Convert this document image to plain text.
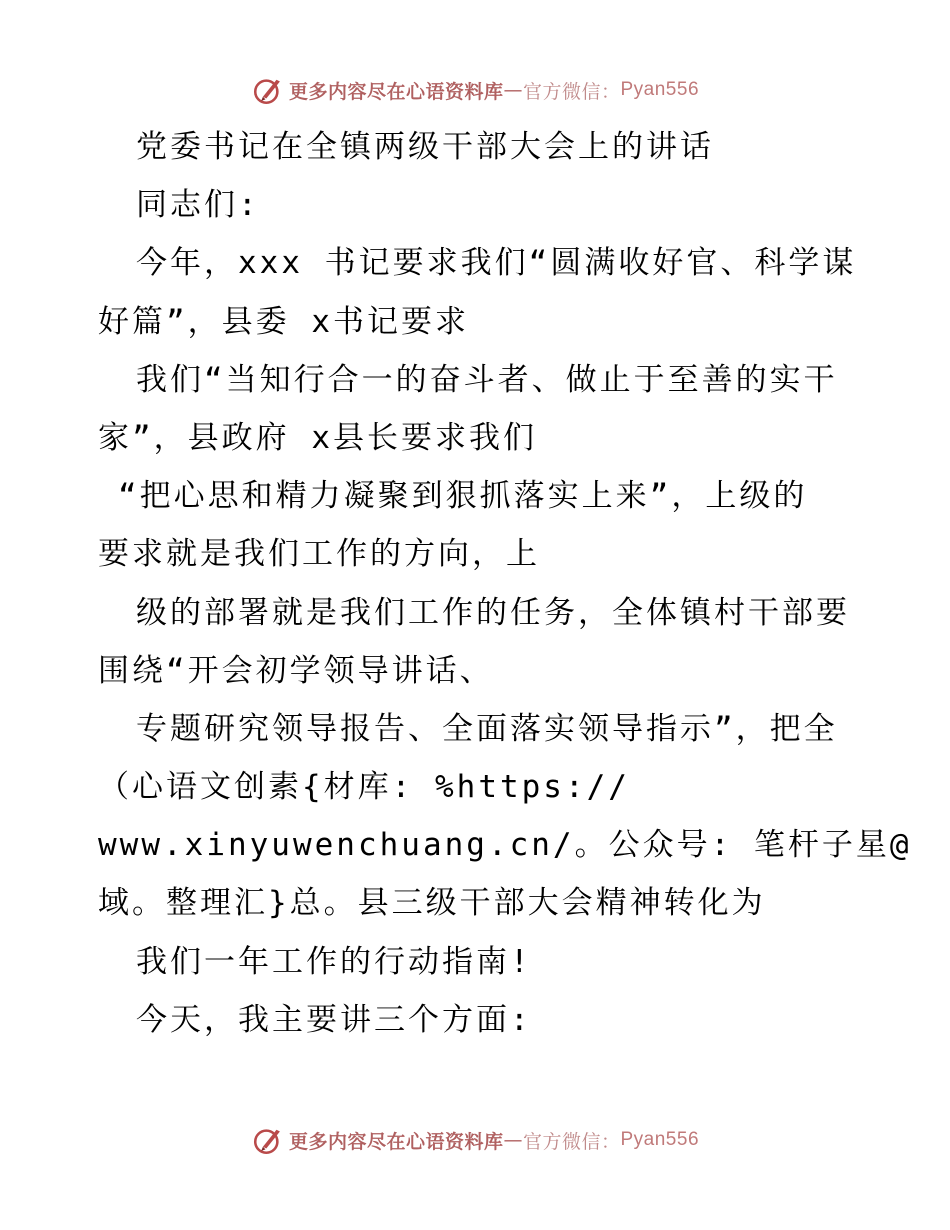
更多内容尽在心语资料库 — 官方微信： Pyan556
党委书记在全镇两级干部大会上的讲话
同志们:
今年，xxx 书记要求我们“圆满收好官、科学谋
好篇”，县委 x书记要求
我们“当知行合一的奋斗者、做止于至善的实干
家”，县政府 x县长要求我们
“把心思和精力凝聚到狠抓落实上来”，上级的
要求就是我们工作的方向，上
级的部署就是我们工作的任务，全体镇村干部要
围绕“开会初学领导讲话、
专题研究领导报告、全面落实领导指示”，把全
（心语文创素{材库: %https://
www.xinyuwenchuang.cn/。公众号: 笔杆子星@
域。整理汇}总。县三级干部大会精神转化为
我们一年工作的行动指南!
今天，我主要讲三个方面:
更多内容尽在心语资料库 — 官方微信： Pyan556
